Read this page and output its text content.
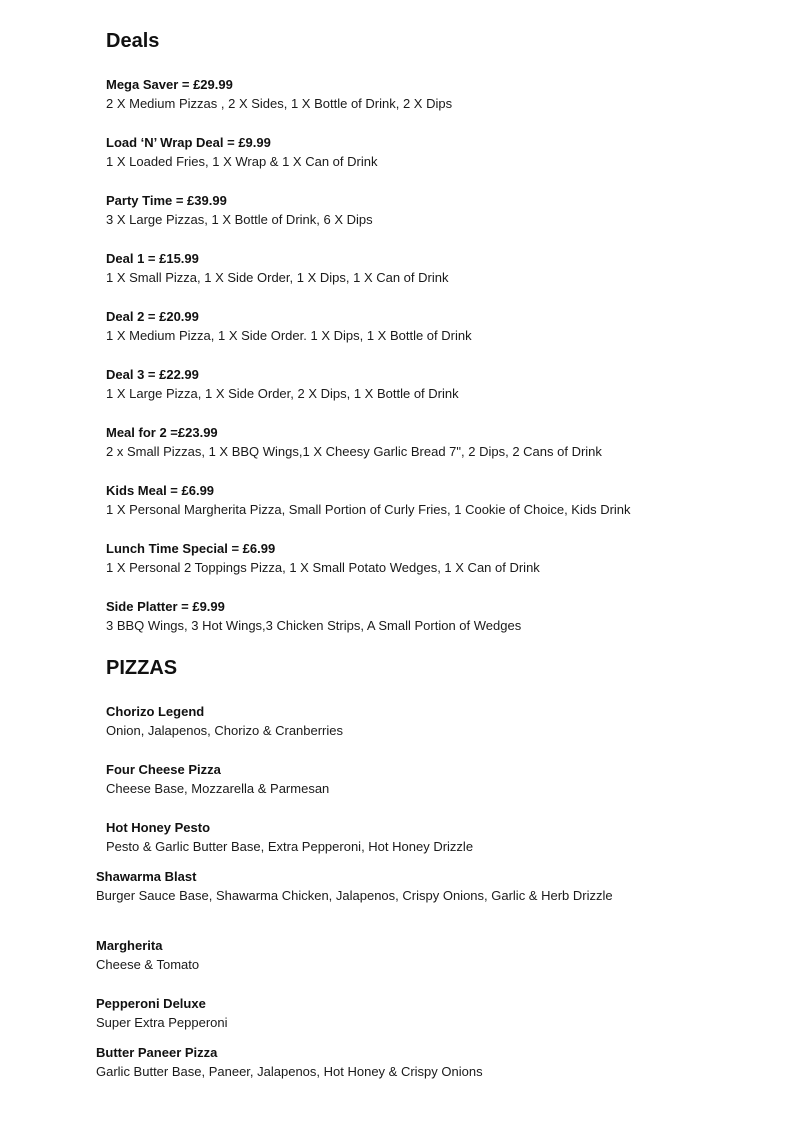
Deals
Mega Saver = £29.99
2 X Medium Pizzas , 2 X Sides, 1 X Bottle of Drink, 2 X Dips
Load ‘N’ Wrap Deal = £9.99
1 X Loaded Fries, 1 X Wrap & 1 X Can of Drink
Party Time = £39.99
3 X Large Pizzas, 1 X Bottle of Drink, 6 X Dips
Deal 1 = £15.99
1 X Small Pizza, 1 X Side Order, 1 X Dips, 1 X Can of Drink
Deal 2 = £20.99
1 X Medium Pizza, 1 X Side Order. 1 X Dips, 1 X Bottle of Drink
Deal 3 = £22.99
1 X Large Pizza, 1 X Side Order, 2 X Dips, 1 X Bottle of Drink
Meal for 2 =£23.99
2 x Small Pizzas, 1 X BBQ Wings,1 X Cheesy Garlic Bread 7", 2 Dips, 2 Cans of Drink
Kids Meal = £6.99
1 X Personal Margherita Pizza, Small Portion of Curly Fries, 1 Cookie of Choice, Kids Drink
Lunch Time Special = £6.99
1 X Personal 2 Toppings Pizza, 1 X Small Potato Wedges, 1 X Can of Drink
Side Platter = £9.99
3 BBQ Wings, 3 Hot Wings,3 Chicken Strips, A Small Portion of Wedges
PIZZAS
Chorizo Legend
Onion, Jalapenos, Chorizo & Cranberries
Four Cheese Pizza
Cheese Base, Mozzarella & Parmesan
Hot Honey Pesto
Pesto & Garlic Butter Base, Extra Pepperoni, Hot Honey Drizzle
Shawarma Blast
Burger Sauce Base, Shawarma Chicken, Jalapenos, Crispy Onions, Garlic & Herb Drizzle
Margherita
Cheese & Tomato
Pepperoni Deluxe
Super Extra Pepperoni
Butter Paneer Pizza
Garlic Butter Base, Paneer, Jalapenos, Hot Honey & Crispy Onions
